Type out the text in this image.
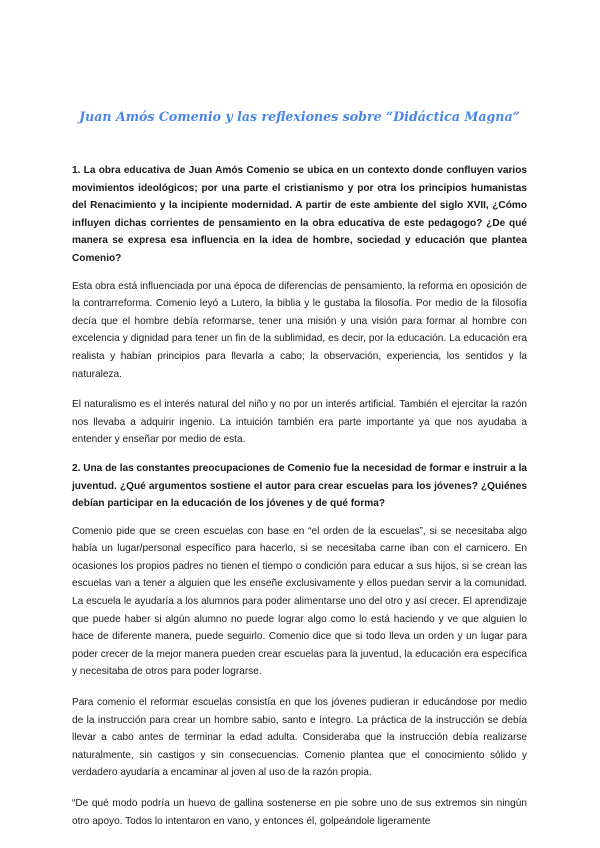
Juan Amós Comenio y las reflexiones sobre “Didáctica Magna”

1. La obra educativa de Juan Amós Comenio se ubica en un contexto donde confluyen varios movimientos ideológicos; por una parte el cristianismo y por otra los principios humanistas del Renacimiento y la incipiente modernidad. A partir de este ambiente del siglo XVII, ¿Cómo influyen dichas corrientes de pensamiento en la obra educativa de este pedagogo? ¿De qué manera se expresa esa influencia en la idea de hombre, sociedad y educación que plantea Comenio?

Esta obra está influenciada por una época de diferencias de pensamiento, la reforma en oposición de la contrarreforma. Comenio leyó a Lutero, la biblia y le gustaba la filosofía. Por medio de la filosofía decía que el hombre debía reformarse, tener una misión y una visión para formar al hombre con excelencia y dignidad para tener un fin de la sublimidad, es decir, por la educación. La educación era realista y habían principios para llevarla a cabo; la observación, experiencia, los sentidos y la naturaleza.

El naturalismo es el interés natural del niño y no por un interés artificial. También el ejercitar la razón nos llevaba a adquirir ingenio. La intuición también era parte importante ya que nos ayudaba a entender y enseñar por medio de esta.

2. Una de las constantes preocupaciones de Comenio fue la necesidad de formar e instruir a la juventud. ¿Qué argumentos sostiene el autor para crear escuelas para los jóvenes? ¿Quiénes debían participar en la educación de los jóvenes y de qué forma?

Comenio pide que se creen escuelas con base en “el orden de la escuelas”, si se necesitaba algo había un lugar/personal específico para hacerlo, si se necesitaba carne iban con el carnicero. En ocasiones los propios padres no tienen el tiempo o condición para educar a sus hijos, si se crean las escuelas van a tener a alguien que les enseñe exclusivamente y ellos puedan servir a la comunidad. La escuela le ayudaría a los alumnos para poder alimentarse uno del otro y así crecer. El aprendizaje que puede haber si algún alumno no puede lograr algo como lo está haciendo y ve que alguien lo hace de diferente manera, puede seguirlo. Comenio dice que si todo lleva un orden y un lugar para poder crecer de la mejor manera pueden crear escuelas para la juventud, la educación era específica y necesitaba de otros para poder lograrse.

Para comenio el reformar escuelas consistía en que los jóvenes pudieran ir educándose por medio de la instrucción para crear un hombre sabio, santo e íntegro. La práctica de la instrucción se debía llevar a cabo antes de terminar la edad adulta. Consideraba que la instrucción debía realizarse naturalmente, sin castigos y sin consecuencias. Comenio plantea que el conocimiento sólido y verdadero ayudaría a encaminar al joven al uso de la razón propia.

“De qué modo podría un huevo de gallina sostenerse en pie sobre uno de sus extremos sin ningún otro apoyo. Todos lo intentaron en vano, y entonces él, golpeándole ligeramente
